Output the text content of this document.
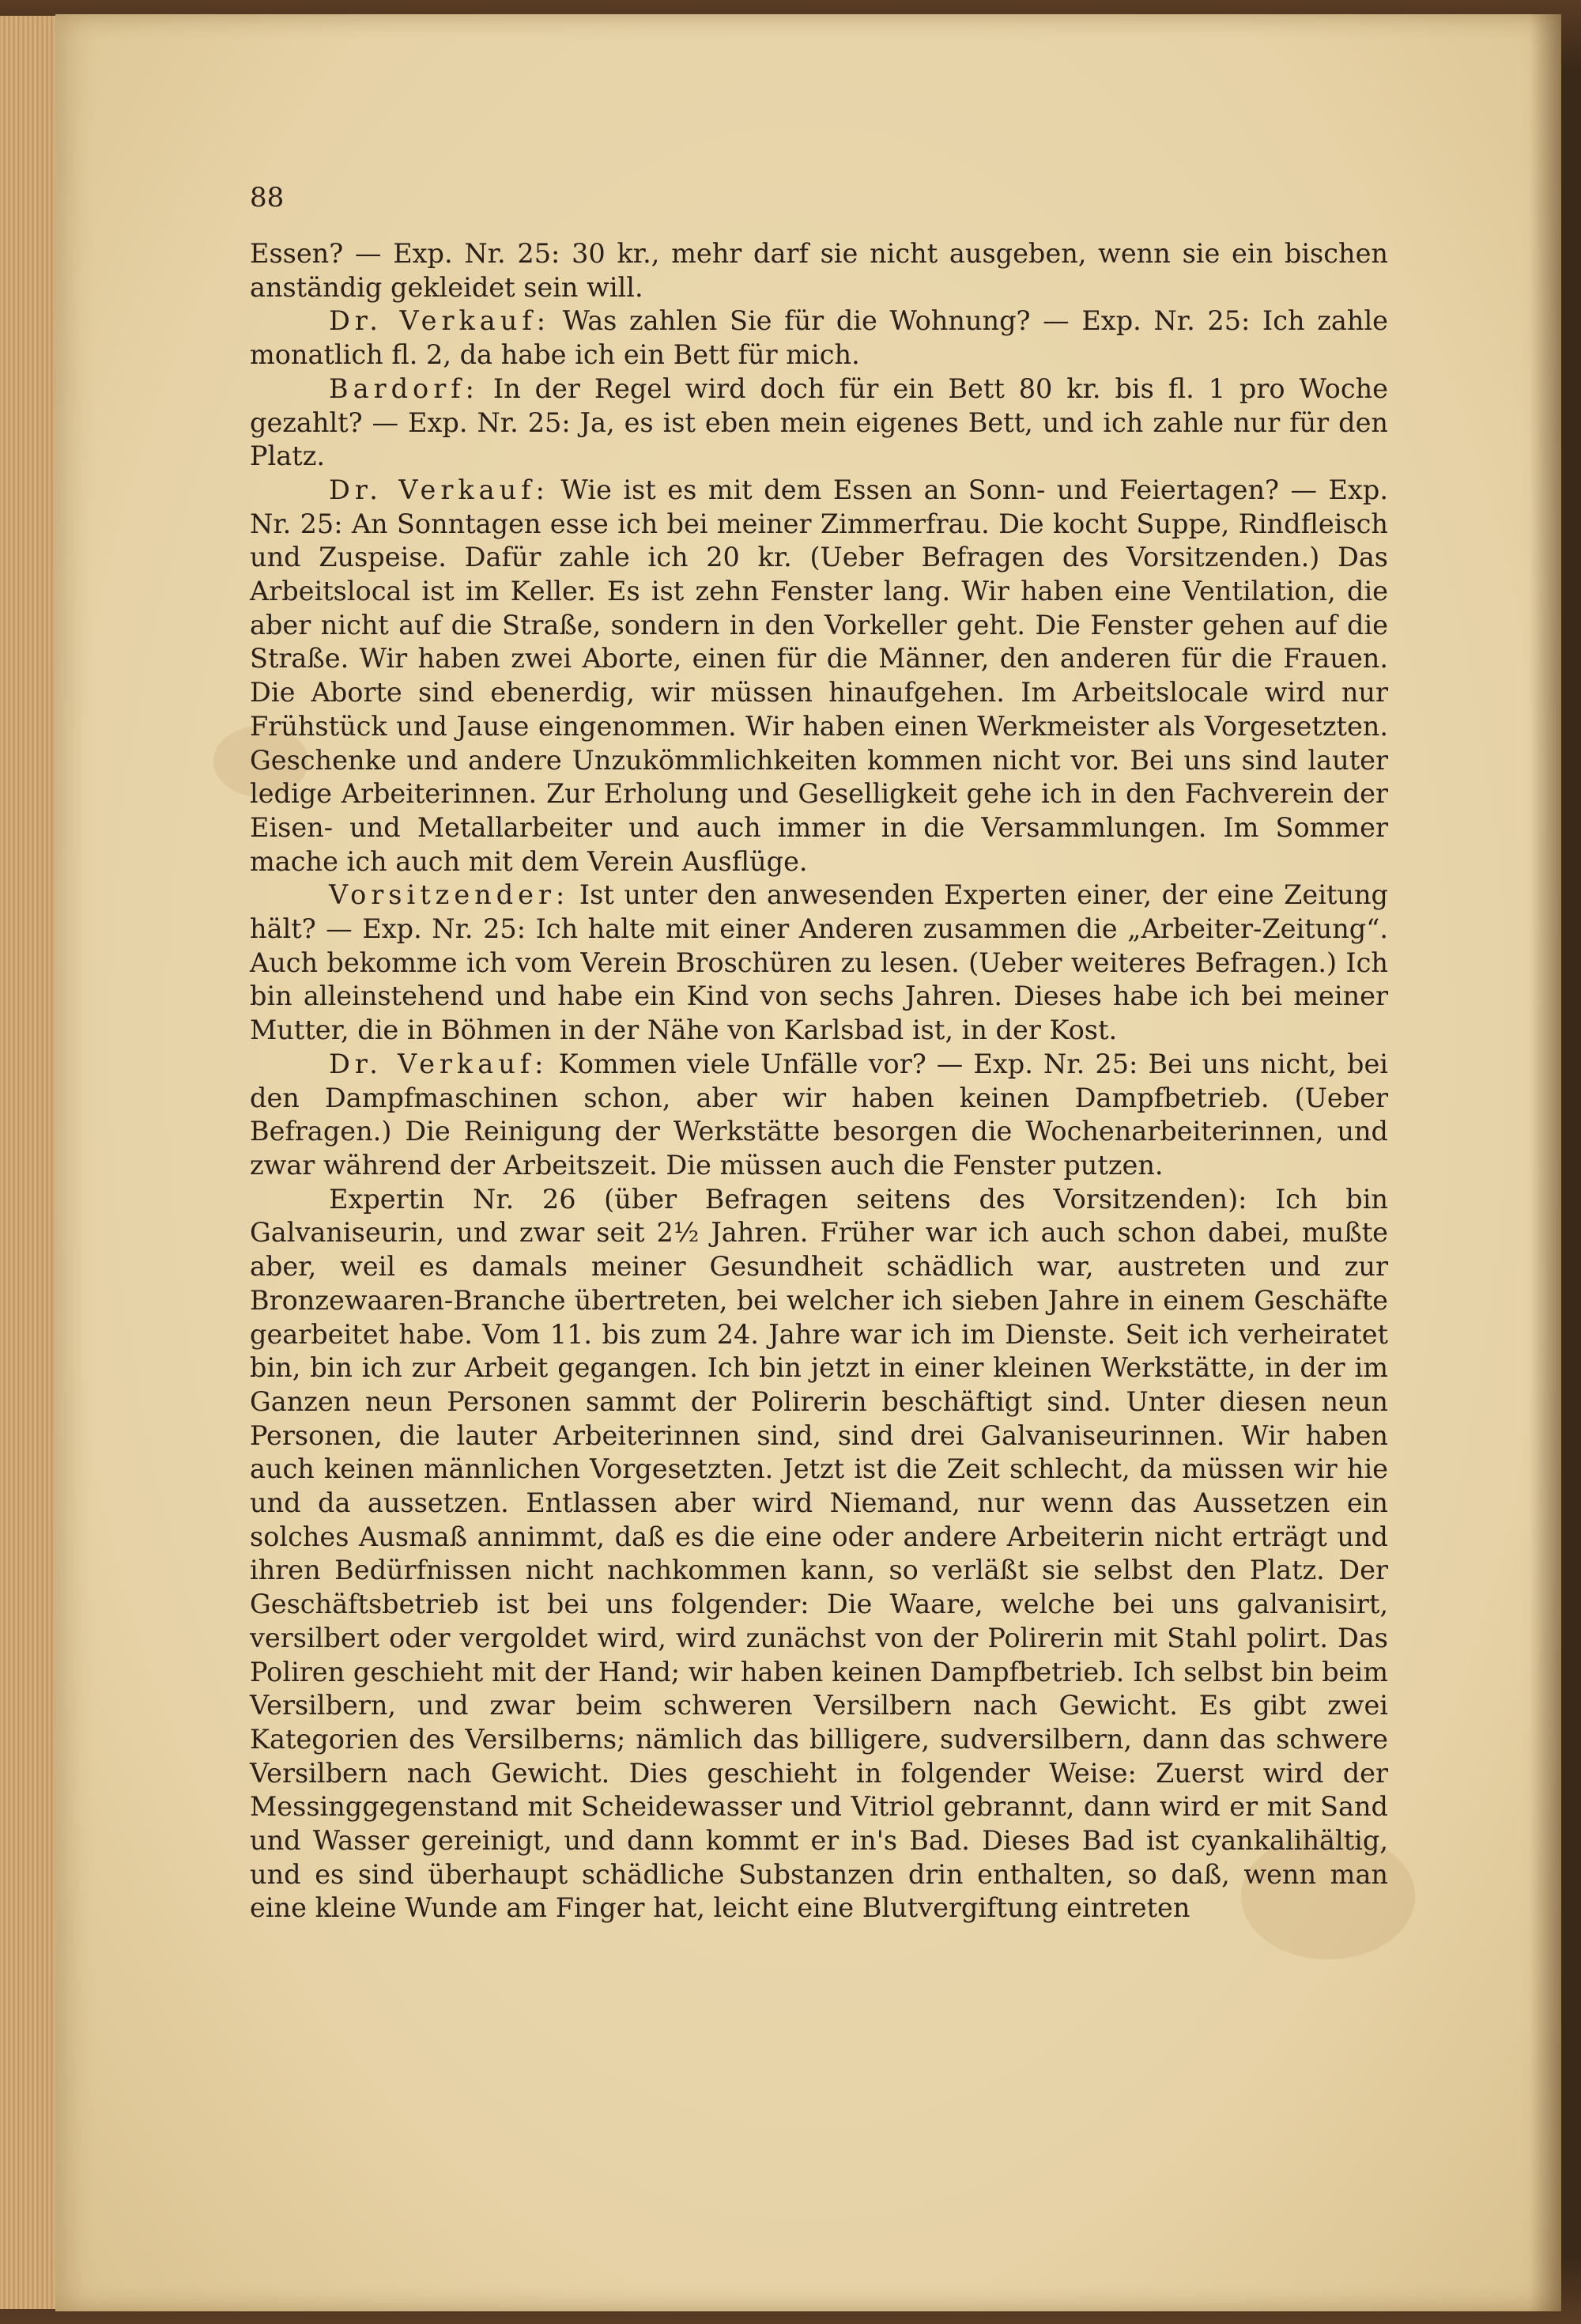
88

Essen? — Exp. Nr. 25: 30 kr., mehr darf sie nicht ausgeben, wenn sie ein bischen anständig gekleidet sein will.

Dr. Verkauf: Was zahlen Sie für die Wohnung? — Exp. Nr. 25: Ich zahle monatlich fl. 2, da habe ich ein Bett für mich.

Bardorf: In der Regel wird doch für ein Bett 80 kr. bis fl. 1 pro Woche gezahlt? — Exp. Nr. 25: Ja, es ist eben mein eigenes Bett, und ich zahle nur für den Platz.

Dr. Verkauf: Wie ist es mit dem Essen an Sonn- und Feiertagen? — Exp. Nr. 25: An Sonntagen esse ich bei meiner Zimmerfrau. Die kocht Suppe, Rindfleisch und Zuspeise. Dafür zahle ich 20 kr. (Ueber Befragen des Vorsitzenden.) Das Arbeitslocal ist im Keller. Es ist zehn Fenster lang. Wir haben eine Ventilation, die aber nicht auf die Straße, sondern in den Vorkeller geht. Die Fenster gehen auf die Straße. Wir haben zwei Aborte, einen für die Männer, den anderen für die Frauen. Die Aborte sind ebenerdig, wir müssen hinaufgehen. Im Arbeitslocale wird nur Frühstück und Jause eingenommen. Wir haben einen Werkmeister als Vorgesetzten. Geschenke und andere Unzukömmlichkeiten kommen nicht vor. Bei uns sind lauter ledige Arbeiterinnen. Zur Erholung und Geselligkeit gehe ich in den Fachverein der Eisen- und Metallarbeiter und auch immer in die Versammlungen. Im Sommer mache ich auch mit dem Verein Ausflüge.

Vorsitzender: Ist unter den anwesenden Experten einer, der eine Zeitung hält? — Exp. Nr. 25: Ich halte mit einer Anderen zusammen die „Arbeiter-Zeitung“. Auch bekomme ich vom Verein Broschüren zu lesen. (Ueber weiteres Befragen.) Ich bin alleinstehend und habe ein Kind von sechs Jahren. Dieses habe ich bei meiner Mutter, die in Böhmen in der Nähe von Karlsbad ist, in der Kost.

Dr. Verkauf: Kommen viele Unfälle vor? — Exp. Nr. 25: Bei uns nicht, bei den Dampfmaschinen schon, aber wir haben keinen Dampfbetrieb. (Ueber Befragen.) Die Reinigung der Werkstätte besorgen die Wochenarbeiterinnen, und zwar während der Arbeitszeit. Die müssen auch die Fenster putzen.

Expertin Nr. 26 (über Befragen seitens des Vorsitzenden): Ich bin Galvaniseurin, und zwar seit 2½ Jahren. Früher war ich auch schon dabei, mußte aber, weil es damals meiner Gesundheit schädlich war, austreten und zur Bronzewaaren-Branche übertreten, bei welcher ich sieben Jahre in einem Geschäfte gearbeitet habe. Vom 11. bis zum 24. Jahre war ich im Dienste. Seit ich verheiratet bin, bin ich zur Arbeit gegangen. Ich bin jetzt in einer kleinen Werkstätte, in der im Ganzen neun Personen sammt der Polirerin beschäftigt sind. Unter diesen neun Personen, die lauter Arbeiterinnen sind, sind drei Galvaniseurinnen. Wir haben auch keinen männlichen Vorgesetzten. Jetzt ist die Zeit schlecht, da müssen wir hie und da aussetzen. Entlassen aber wird Niemand, nur wenn das Aussetzen ein solches Ausmaß annimmt, daß es die eine oder andere Arbeiterin nicht erträgt und ihren Bedürfnissen nicht nachkommen kann, so verläßt sie selbst den Platz. Der Geschäftsbetrieb ist bei uns folgender: Die Waare, welche bei uns galvanisirt, versilbert oder vergoldet wird, wird zunächst von der Polirerin mit Stahl polirt. Das Poliren geschieht mit der Hand; wir haben keinen Dampfbetrieb. Ich selbst bin beim Versilbern, und zwar beim schweren Versilbern nach Gewicht. Es gibt zwei Kategorien des Versilberns; nämlich das billigere, sudversilbern, dann das schwere Versilbern nach Gewicht. Dies geschieht in folgender Weise: Zuerst wird der Messinggegenstand mit Scheidewasser und Vitriol gebrannt, dann wird er mit Sand und Wasser gereinigt, und dann kommt er in's Bad. Dieses Bad ist cyankalihältig, und es sind überhaupt schädliche Substanzen drin enthalten, so daß, wenn man eine kleine Wunde am Finger hat, leicht eine Blutvergiftung eintreten
